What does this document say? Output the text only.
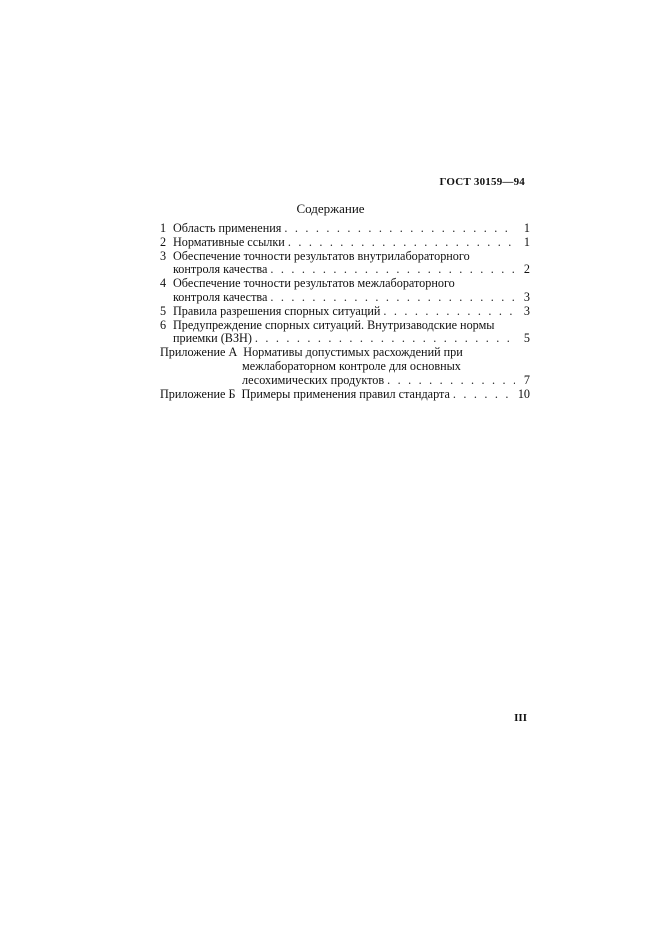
ГОСТ 30159—94
Содержание
1 Область применения . . .	1
2 Нормативные ссылки . . .	1
3 Обеспечение точности результатов внутрилабораторного
контроля качества . . .	2
4 Обеспечение точности результатов межлабораторного
контроля качества . . .	3
5 Правила разрешения спорных ситуаций . . .	3
6 Предупреждение спорных ситуаций. Внутризаводские нормы
приемки (ВЗН) . . .	5
Приложение А Нормативы допустимых расхождений при
межлабораторном контроле для основных
лесохимических продуктов . . .	7
Приложение Б Примеры применения правил стандарта . . .	10
III
